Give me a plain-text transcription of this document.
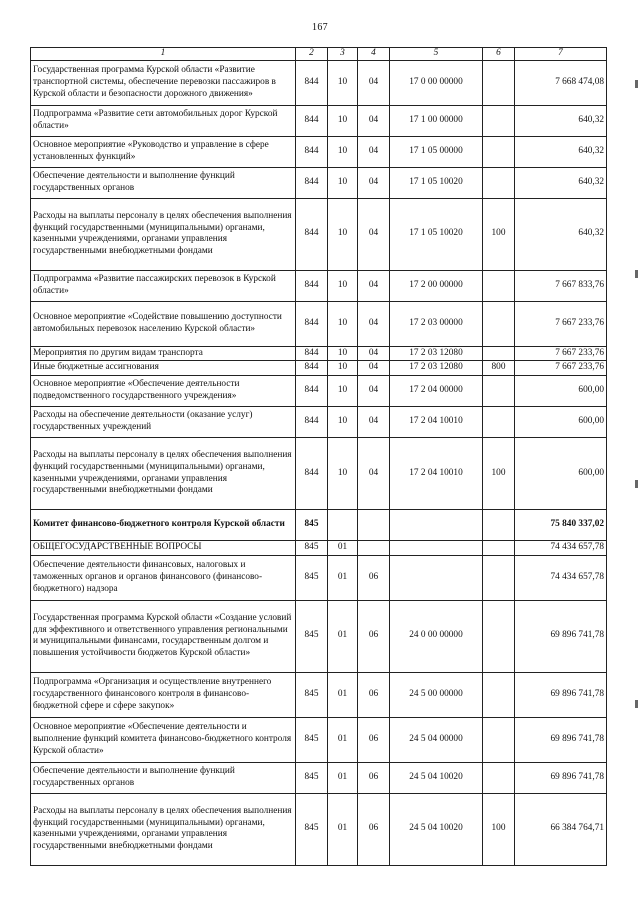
167
1	2	3	4	5	6	7
Государственная программа Курской области «Развитие транспортной системы, обеспечение перевозки пассажиров в Курской области и безопасности дорожного движения»	844	10	04	17 0 00 00000		7 668 474,08
Подпрограмма «Развитие сети автомобильных дорог Курской области»	844	10	04	17 1 00 00000		640,32
Основное мероприятие «Руководство и управление в сфере установленных функций»	844	10	04	17 1 05 00000		640,32
Обеспечение деятельности и выполнение функций государственных органов	844	10	04	17 1 05 10020		640,32
Расходы на выплаты персоналу в целях обеспечения выполнения функций государственными (муниципальными) органами, казенными учреждениями, органами управления государственными внебюджетными фондами	844	10	04	17 1 05 10020	100	640,32
Подпрограмма «Развитие пассажирских перевозок в Курской области»	844	10	04	17 2 00 00000		7 667 833,76
Основное мероприятие «Содействие повышению доступности автомобильных перевозок населению Курской области»	844	10	04	17 2 03 00000		7 667 233,76
Мероприятия по другим видам транспорта	844	10	04	17 2 03 12080		7 667 233,76
Иные бюджетные ассигнования	844	10	04	17 2 03 12080	800	7 667 233,76
Основное мероприятие «Обеспечение деятельности подведомственного государственного учреждения»	844	10	04	17 2 04 00000		600,00
Расходы на обеспечение деятельности (оказание услуг) государственных учреждений	844	10	04	17 2 04 10010		600,00
Расходы на выплаты персоналу в целях обеспечения выполнения функций государственными (муниципальными) органами, казенными учреждениями, органами управления государственными внебюджетными фондами	844	10	04	17 2 04 10010	100	600,00
Комитет финансово-бюджетного контроля Курской области	845					75 840 337,02
ОБЩЕГОСУДАРСТВЕННЫЕ ВОПРОСЫ	845	01				74 434 657,78
Обеспечение деятельности финансовых, налоговых и таможенных органов и органов финансового (финансово-бюджетного) надзора	845	01	06			74 434 657,78
Государственная программа Курской области «Создание условий для эффективного и ответственного управления региональными и муниципальными финансами, государственным долгом и повышения устойчивости бюджетов Курской области»	845	01	06	24 0 00 00000		69 896 741,78
Подпрограмма «Организация и осуществление внутреннего государственного финансового контроля в финансово-бюджетной сфере и сфере закупок»	845	01	06	24 5 00 00000		69 896 741,78
Основное мероприятие «Обеспечение деятельности и выполнение функций комитета финансово-бюджетного контроля Курской области»	845	01	06	24 5 04 00000		69 896 741,78
Обеспечение деятельности и выполнение функций государственных органов	845	01	06	24 5 04 10020		69 896 741,78
Расходы на выплаты персоналу в целях обеспечения выполнения функций государственными (муниципальными) органами, казенными учреждениями, органами управления государственными внебюджетными фондами	845	01	06	24 5 04 10020	100	66 384 764,71
